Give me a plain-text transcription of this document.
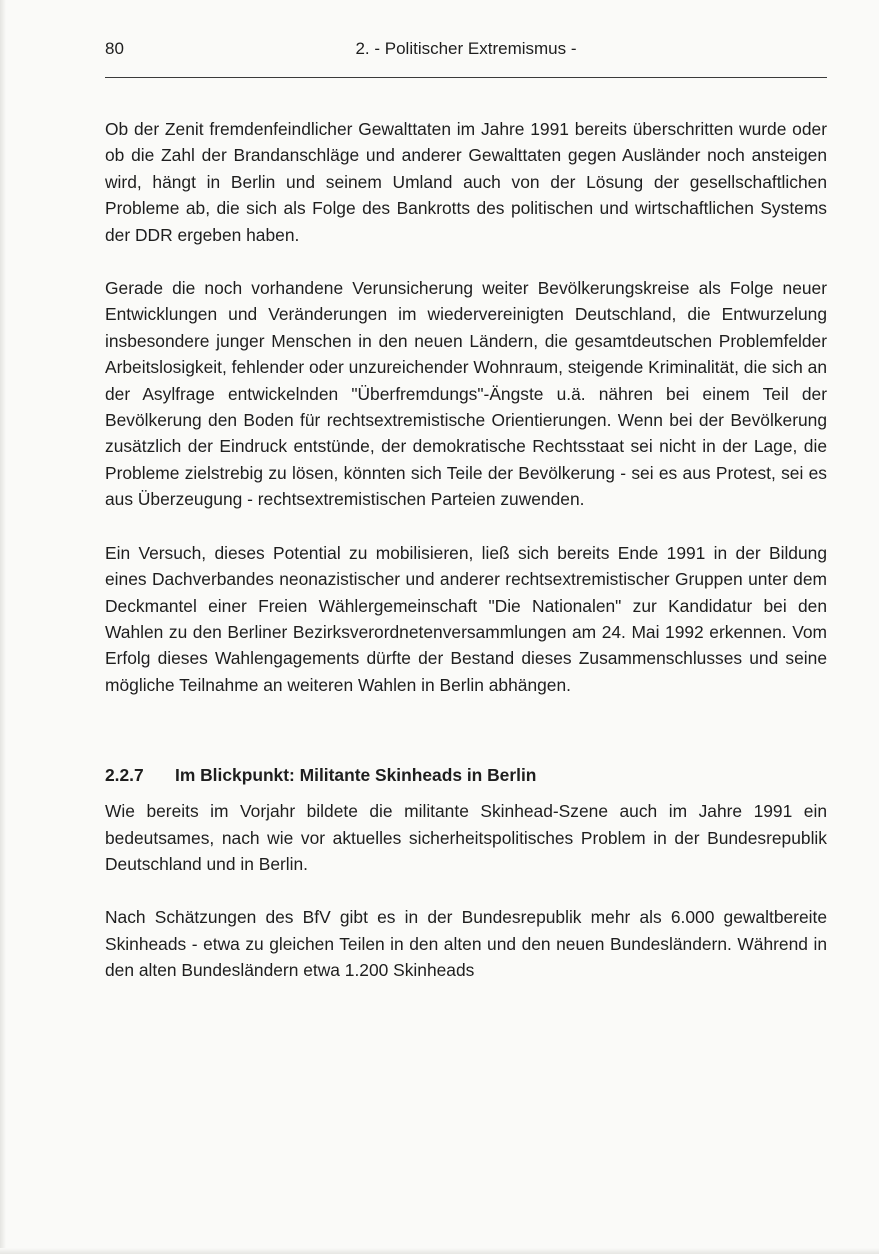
80	2. - Politischer Extremismus -

Ob der Zenit fremdenfeindlicher Gewalttaten im Jahre 1991 bereits überschritten wurde oder ob die Zahl der Brandanschläge und anderer Gewalttaten gegen Ausländer noch ansteigen wird, hängt in Berlin und seinem Umland auch von der Lösung der gesellschaftlichen Probleme ab, die sich als Folge des Bankrotts des politischen und wirtschaftlichen Systems der DDR ergeben haben.

Gerade die noch vorhandene Verunsicherung weiter Bevölkerungskreise als Folge neuer Entwicklungen und Veränderungen im wiedervereinigten Deutschland, die Entwurzelung insbesondere junger Menschen in den neuen Ländern, die gesamtdeutschen Problemfelder Arbeitslosigkeit, fehlender oder unzureichender Wohnraum, steigende Kriminalität, die sich an der Asylfrage entwickelnden "Überfremdungs"-Ängste u.ä. nähren bei einem Teil der Bevölkerung den Boden für rechtsextremistische Orientierungen. Wenn bei der Bevölkerung zusätzlich der Eindruck entstünde, der demokratische Rechtsstaat sei nicht in der Lage, die Probleme zielstrebig zu lösen, könnten sich Teile der Bevölkerung - sei es aus Protest, sei es aus Überzeugung - rechtsextremistischen Parteien zuwenden.

Ein Versuch, dieses Potential zu mobilisieren, ließ sich bereits Ende 1991 in der Bildung eines Dachverbandes neonazistischer und anderer rechtsextremistischer Gruppen unter dem Deckmantel einer Freien Wählergemeinschaft "Die Nationalen" zur Kandidatur bei den Wahlen zu den Berliner Bezirksverordnetenversammlungen am 24. Mai 1992 erkennen. Vom Erfolg dieses Wahlengagements dürfte der Bestand dieses Zusammenschlusses und seine mögliche Teilnahme an weiteren Wahlen in Berlin abhängen.

2.2.7 Im Blickpunkt: Militante Skinheads in Berlin

Wie bereits im Vorjahr bildete die militante Skinhead-Szene auch im Jahre 1991 ein bedeutsames, nach wie vor aktuelles sicherheitspolitisches Problem in der Bundesrepublik Deutschland und in Berlin.

Nach Schätzungen des BfV gibt es in der Bundesrepublik mehr als 6.000 gewaltbereite Skinheads - etwa zu gleichen Teilen in den alten und den neuen Bundesländern. Während in den alten Bundesländern etwa 1.200 Skinheads
